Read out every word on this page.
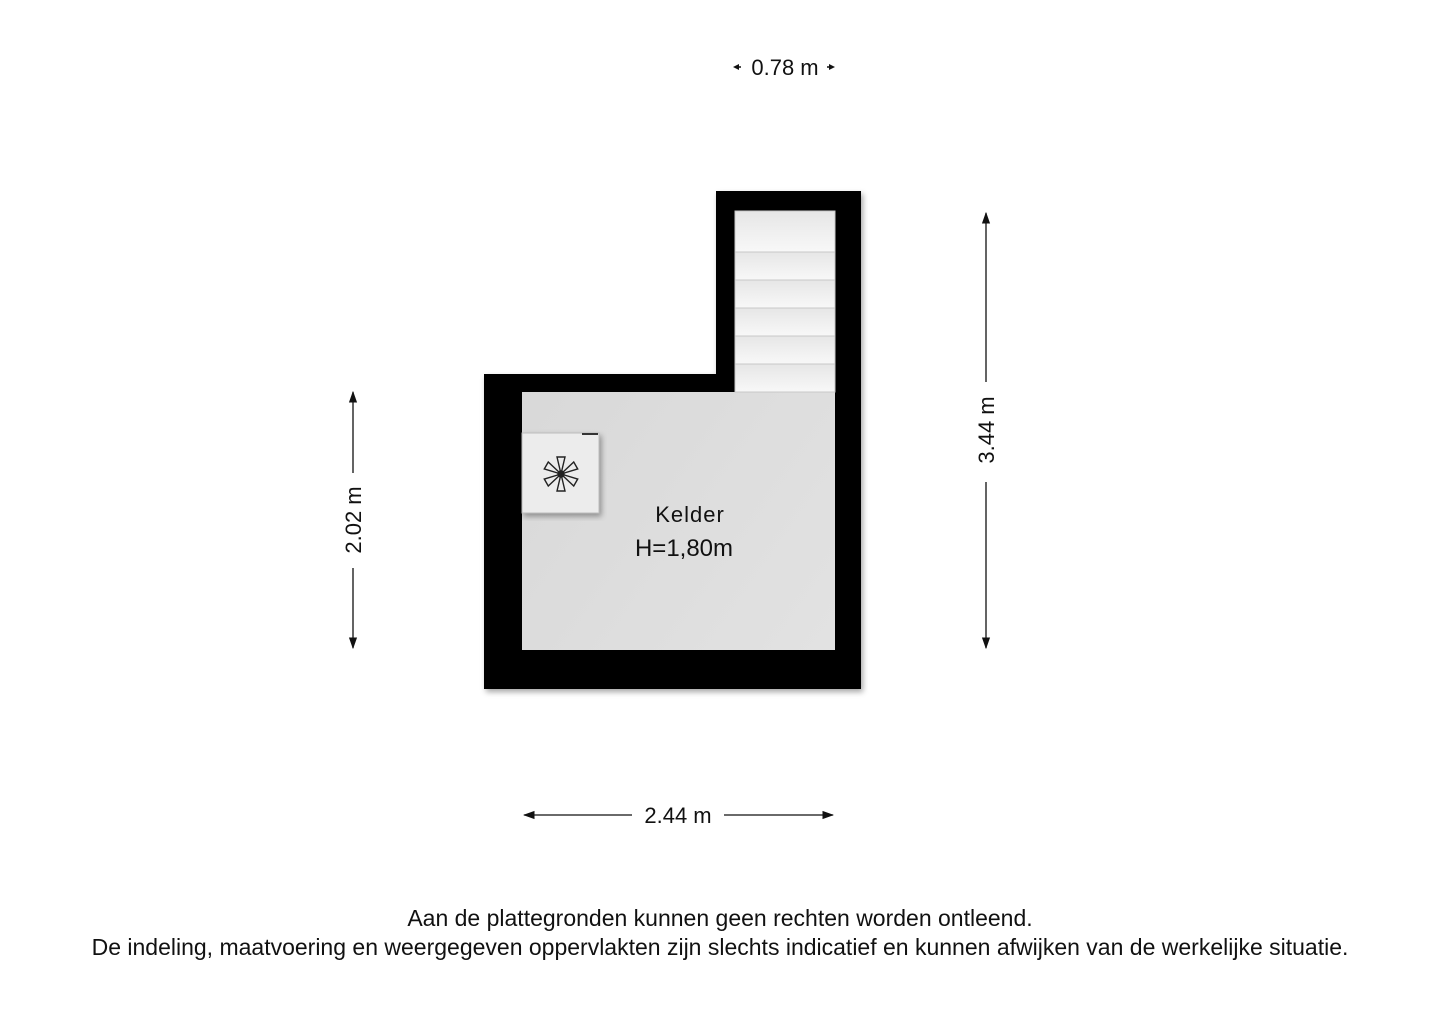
Kelder
H=1,80m
0.78 m
3.44 m
2.02 m
2.44 m
Aan de plattegronden kunnen geen rechten worden ontleend.
De indeling, maatvoering en weergegeven oppervlakten zijn slechts indicatief en kunnen afwijken van de werkelijke situatie.
